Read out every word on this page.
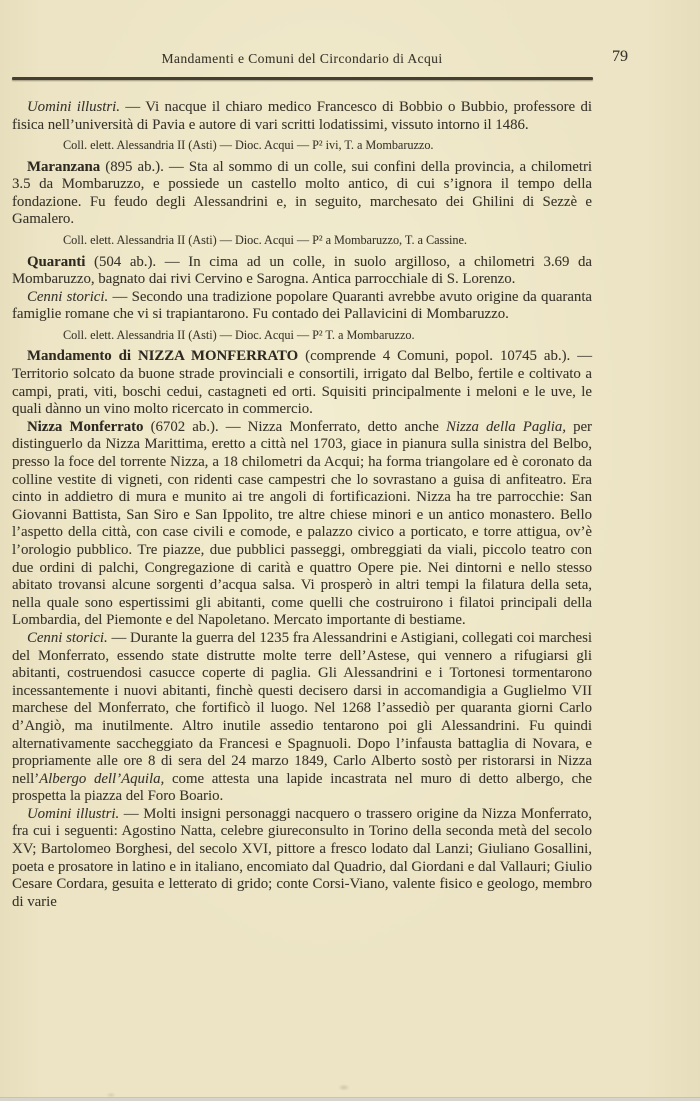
Mandamenti e Comuni del Circondario di Acqui	79

Uomini illustri. — Vi nacque il chiaro medico Francesco di Bobbio o Bubbio, professore di fisica nell’università di Pavia e autore di vari scritti lodatissimi, vissuto intorno il 1486.

Coll. elett. Alessandria II (Asti) — Dioc. Acqui — P² ivi, T. a Mombaruzzo.

Maranzana (895 ab.). — Sta al sommo di un colle, sui confini della provincia, a chilometri 3.5 da Mombaruzzo, e possiede un castello molto antico, di cui s’ignora il tempo della fondazione. Fu feudo degli Alessandrini e, in seguito, marchesato dei Ghilini di Sezzè e Gamalero.

Coll. elett. Alessandria II (Asti) — Dioc. Acqui — P² a Mombaruzzo, T. a Cassine.

Quaranti (504 ab.). — In cima ad un colle, in suolo argilloso, a chilometri 3.69 da Mombaruzzo, bagnato dai rivi Cervino e Sarogna. Antica parrocchiale di S. Lorenzo.

Cenni storici. — Secondo una tradizione popolare Quaranti avrebbe avuto origine da quaranta famiglie romane che vi si trapiantarono. Fu contado dei Pallavicini di Mombaruzzo.

Coll. elett. Alessandria II (Asti) — Dioc. Acqui — P² T. a Mombaruzzo.

Mandamento di NIZZA MONFERRATO (comprende 4 Comuni, popol. 10745 ab.). — Territorio solcato da buone strade provinciali e consortili, irrigato dal Belbo, fertile e coltivato a campi, prati, viti, boschi cedui, castagneti ed orti. Squisiti principalmente i meloni e le uve, le quali dànno un vino molto ricercato in commercio.

Nizza Monferrato (6702 ab.). — Nizza Monferrato, detto anche Nizza della Paglia, per distinguerlo da Nizza Marittima, eretto a città nel 1703, giace in pianura sulla sinistra del Belbo, presso la foce del torrente Nizza, a 18 chilometri da Acqui; ha forma triangolare ed è coronato da colline vestite di vigneti, con ridenti case campestri che lo sovrastano a guisa di anfiteatro. Era cinto in addietro di mura e munito ai tre angoli di fortificazioni. Nizza ha tre parrocchie: San Giovanni Battista, San Siro e San Ippolito, tre altre chiese minori e un antico monastero. Bello l’aspetto della città, con case civili e comode, e palazzo civico a porticato, e torre attigua, ov’è l’orologio pubblico. Tre piazze, due pubblici passeggi, ombreggiati da viali, piccolo teatro con due ordini di palchi, Congregazione di carità e quattro Opere pie. Nei dintorni e nello stesso abitato trovansi alcune sorgenti d’acqua salsa. Vi prosperò in altri tempi la filatura della seta, nella quale sono espertissimi gli abitanti, come quelli che costruirono i filatoi principali della Lombardia, del Piemonte e del Napoletano. Mercato importante di bestiame.

Cenni storici. — Durante la guerra del 1235 fra Alessandrini e Astigiani, collegati coi marchesi del Monferrato, essendo state distrutte molte terre dell’Astese, qui vennero a rifugiarsi gli abitanti, costruendosi casucce coperte di paglia. Gli Alessandrini e i Tortonesi tormentarono incessantemente i nuovi abitanti, finchè questi decisero darsi in accomandigia a Guglielmo VII marchese del Monferrato, che fortificò il luogo. Nel 1268 l’assediò per quaranta giorni Carlo d’Angiò, ma inutilmente. Altro inutile assedio tentarono poi gli Alessandrini. Fu quindi alternativamente saccheggiato da Francesi e Spagnuoli. Dopo l’infausta battaglia di Novara, e propriamente alle ore 8 di sera del 24 marzo 1849, Carlo Alberto sostò per ristorarsi in Nizza nell’Albergo dell’Aquila, come attesta una lapide incastrata nel muro di detto albergo, che prospetta la piazza del Foro Boario.

Uomini illustri. — Molti insigni personaggi nacquero o trassero origine da Nizza Monferrato, fra cui i seguenti: Agostino Natta, celebre giureconsulto in Torino della seconda metà del secolo XV; Bartolomeo Borghesi, del secolo XVI, pittore a fresco lodato dal Lanzi; Giuliano Gosallini, poeta e prosatore in latino e in italiano, encomiato dal Quadrio, dal Giordani e dal Vallauri; Giulio Cesare Cordara, gesuita e letterato di grido; conte Corsi-Viano, valente fisico e geologo, membro di varie
